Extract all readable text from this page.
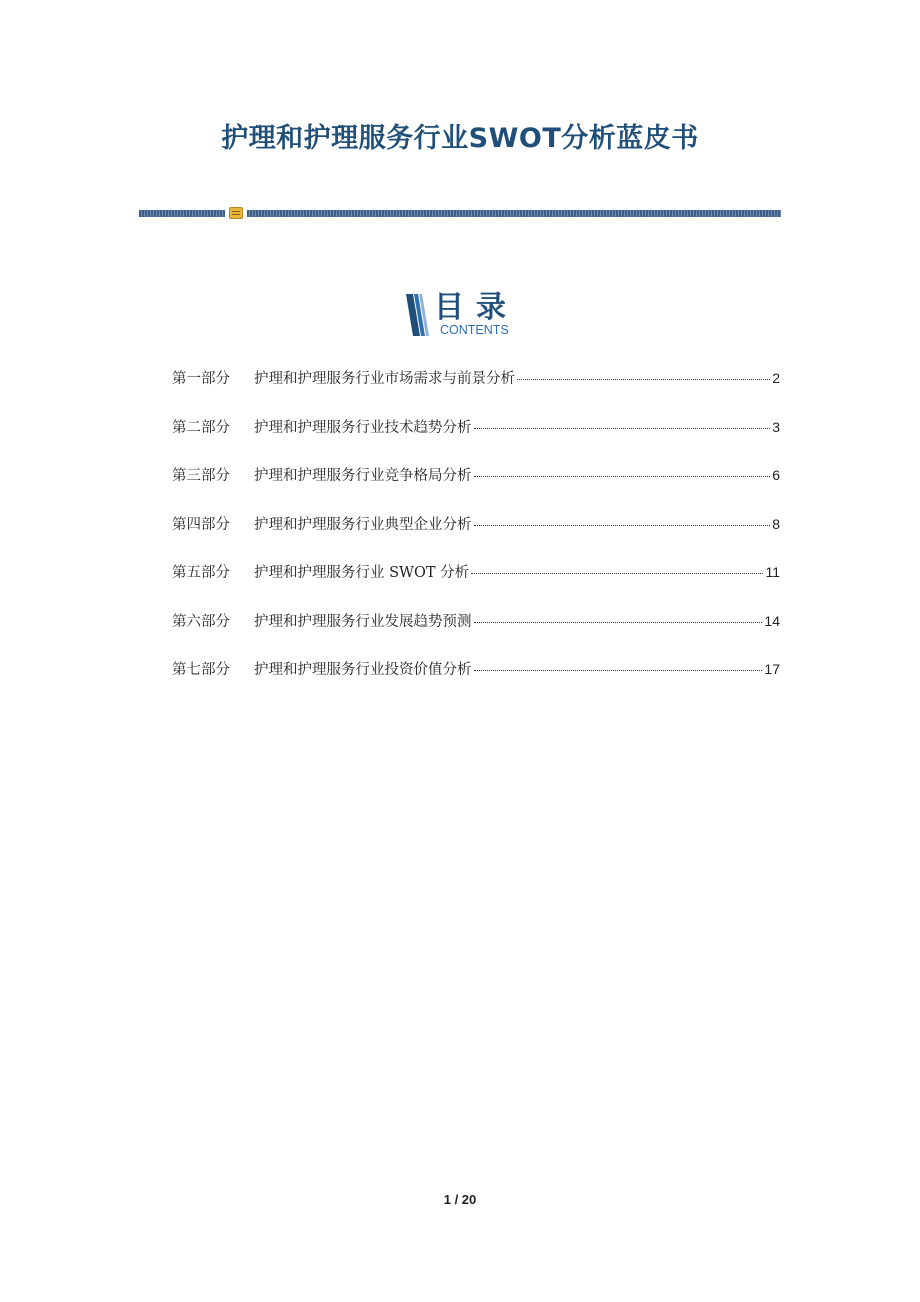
护理和护理服务行业SWOT分析蓝皮书
目录
CONTENTS
第一部分	护理和护理服务行业市场需求与前景分析	2
第二部分	护理和护理服务行业技术趋势分析	3
第三部分	护理和护理服务行业竞争格局分析	6
第四部分	护理和护理服务行业典型企业分析	8
第五部分	护理和护理服务行业 SWOT 分析	11
第六部分	护理和护理服务行业发展趋势预测	14
第七部分	护理和护理服务行业投资价值分析	17
1 / 20
